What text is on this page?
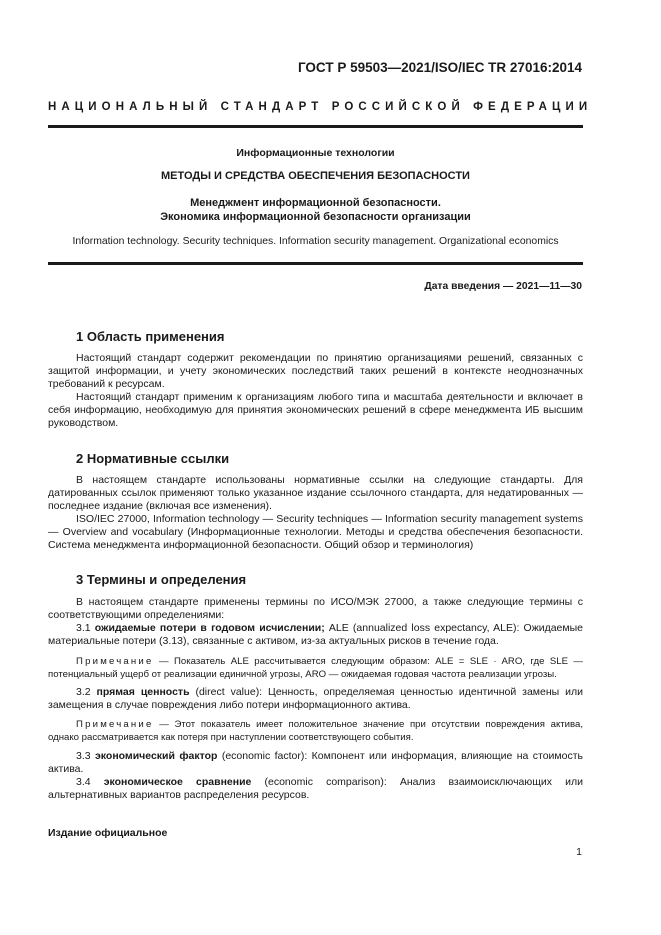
ГОСТ Р 59503—2021/ISO/IEC TR 27016:2014
НАЦИОНАЛЬНЫЙ СТАНДАРТ РОССИЙСКОЙ ФЕДЕРАЦИИ
Информационные технологии
МЕТОДЫ И СРЕДСТВА ОБЕСПЕЧЕНИЯ БЕЗОПАСНОСТИ
Менеджмент информационной безопасности.
Экономика информационной безопасности организации
Information technology. Security techniques. Information security management. Organizational economics
Дата введения — 2021—11—30
1 Область применения

Настоящий стандарт содержит рекомендации по принятию организациями решений, связанных с защитой информации, и учету экономических последствий таких решений в контексте неоднозначных требований к ресурсам.

Настоящий стандарт применим к организациям любого типа и масштаба деятельности и включает в себя информацию, необходимую для принятия экономических решений в сфере менеджмента ИБ высшим руководством.

2 Нормативные ссылки

В настоящем стандарте использованы нормативные ссылки на следующие стандарты. Для датированных ссылок применяют только указанное издание ссылочного стандарта, для недатированных — последнее издание (включая все изменения).

ISO/IEC 27000, Information technology — Security techniques — Information security management systems — Overview and vocabulary (Информационные технологии. Методы и средства обеспечения безопасности. Система менеджмента информационной безопасности. Общий обзор и терминология)

3 Термины и определения

В настоящем стандарте применены термины по ИСО/МЭК 27000, а также следующие термины с соответствующими определениями:

3.1 ожидаемые потери в годовом исчислении; ALE (annualized loss expectancy, ALE): Ожидаемые материальные потери (3.13), связанные с активом, из-за актуальных рисков в течение года.

Примечание — Показатель ALE рассчитывается следующим образом: ALE = SLE · ARO, где SLE — потенциальный ущерб от реализации единичной угрозы, ARO — ожидаемая годовая частота реализации угрозы.

3.2 прямая ценность (direct value): Ценность, определяемая ценностью идентичной замены или замещения в случае повреждения либо потери информационного актива.

Примечание — Этот показатель имеет положительное значение при отсутствии повреждения актива, однако рассматривается как потеря при наступлении соответствующего события.

3.3 экономический фактор (economic factor): Компонент или информация, влияющие на стоимость актива.

3.4 экономическое сравнение (economic comparison): Анализ взаимоисключающих или альтернативных вариантов распределения ресурсов.

Издание официальное
1
